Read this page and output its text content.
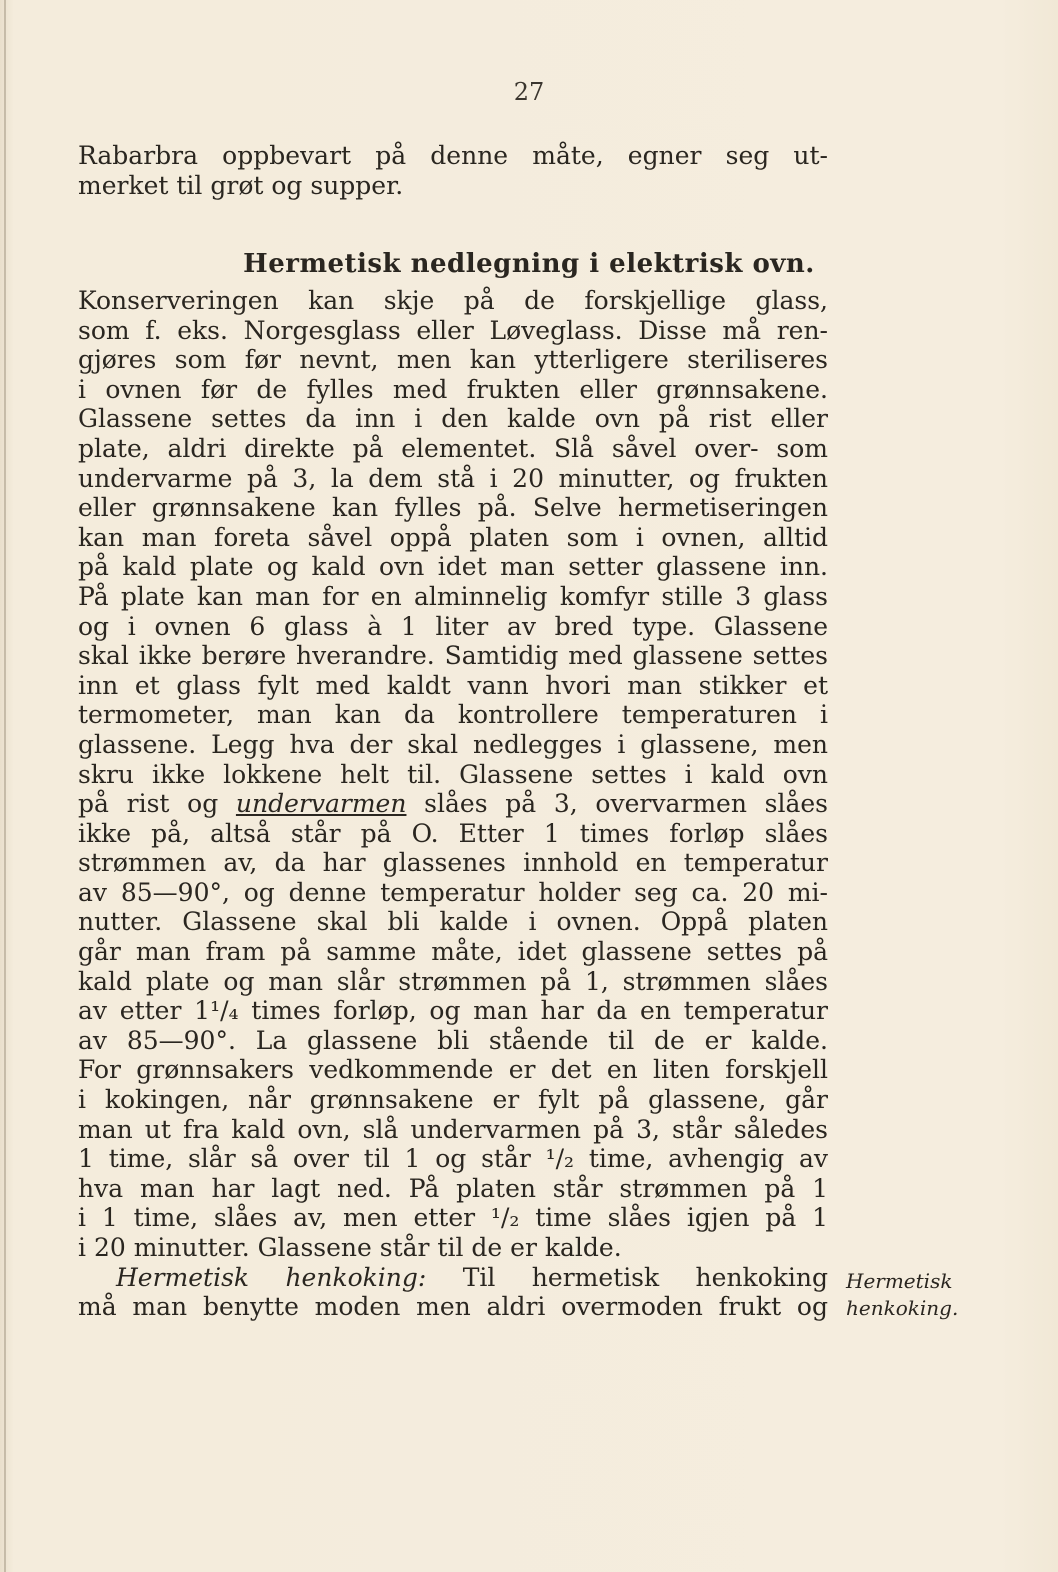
27
Rabarbra oppbevart på denne måte, egner seg ut-
merket til grøt og supper.
Hermetisk nedlegning i elektrisk ovn.
Konserveringen kan skje på de forskjellige glass,
som f. eks. Norgesglass eller Løveglass. Disse må ren-
gjøres som før nevnt, men kan ytterligere steriliseres
i ovnen før de fylles med frukten eller grønnsakene.
Glassene settes da inn i den kalde ovn på rist eller
plate, aldri direkte på elementet. Slå såvel over- som
undervarme på 3, la dem stå i 20 minutter, og frukten
eller grønnsakene kan fylles på. Selve hermetiseringen
kan man foreta såvel oppå platen som i ovnen, alltid
på kald plate og kald ovn idet man setter glassene inn.
På plate kan man for en alminnelig komfyr stille 3 glass
og i ovnen 6 glass à 1 liter av bred type. Glassene
skal ikke berøre hverandre. Samtidig med glassene settes
inn et glass fylt med kaldt vann hvori man stikker et
termometer, man kan da kontrollere temperaturen i
glassene. Legg hva der skal nedlegges i glassene, men
skru ikke lokkene helt til. Glassene settes i kald ovn
på rist og undervarmen slåes på 3, overvarmen slåes
ikke på, altså står på O. Etter 1 times forløp slåes
strømmen av, da har glassenes innhold en temperatur
av 85—90°, og denne temperatur holder seg ca. 20 mi-
nutter. Glassene skal bli kalde i ovnen. Oppå platen
går man fram på samme måte, idet glassene settes på
kald plate og man slår strømmen på 1, strømmen slåes
av etter 1¹/₄ times forløp, og man har da en temperatur
av 85—90°. La glassene bli stående til de er kalde.
For grønnsakers vedkommende er det en liten forskjell
i kokingen, når grønnsakene er fylt på glassene, går
man ut fra kald ovn, slå undervarmen på 3, står således
1 time, slår så over til 1 og står ¹/₂ time, avhengig av
hva man har lagt ned. På platen står strømmen på 1
i 1 time, slåes av, men etter ¹/₂ time slåes igjen på 1
i 20 minutter. Glassene står til de er kalde.
Hermetisk henkoking: Til hermetisk henkoking
må man benytte moden men aldri overmoden frukt og
Hermetisk
henkoking.
